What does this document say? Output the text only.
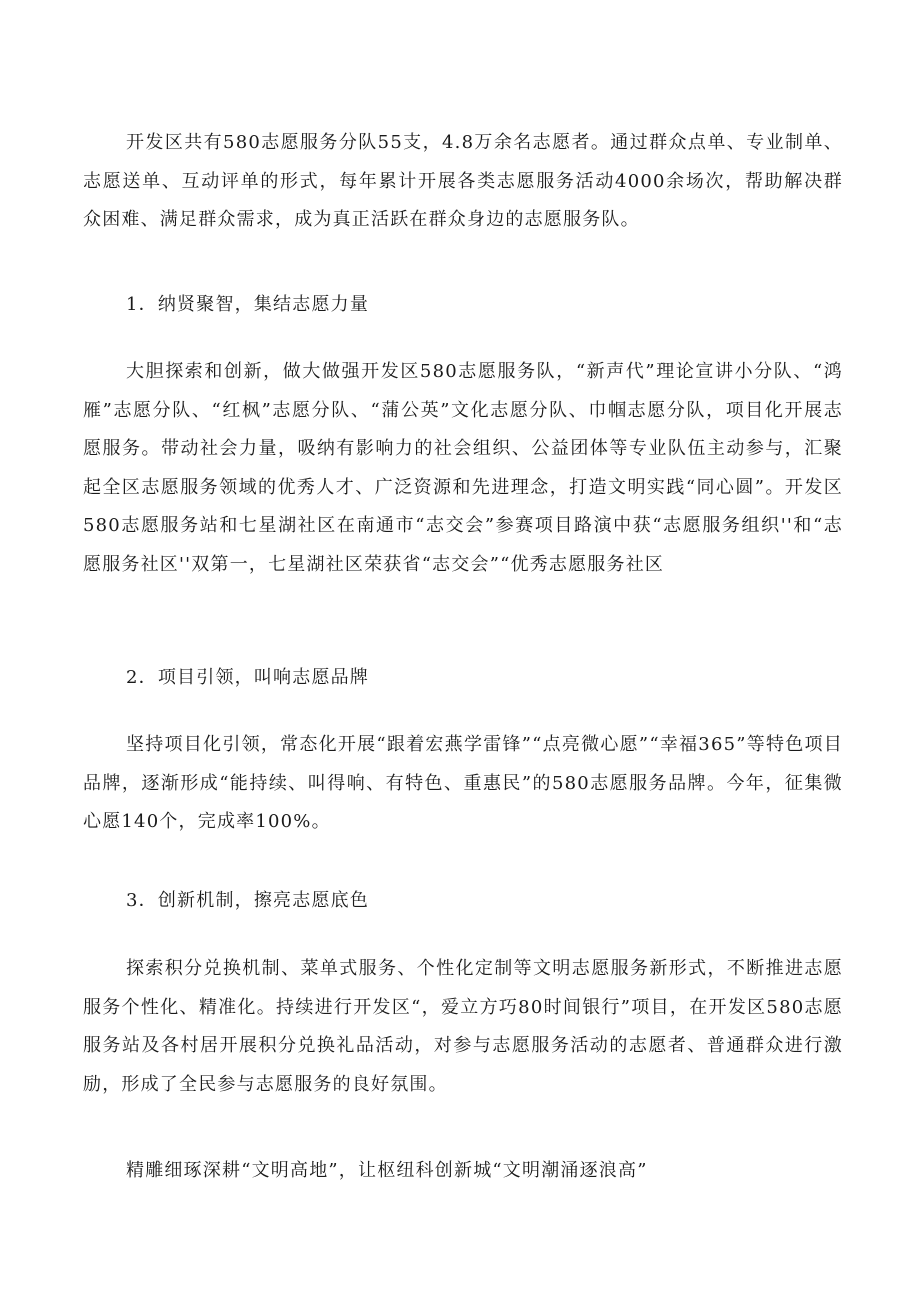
开发区共有580志愿服务分队55支，4.8万余名志愿者。通过群众点单、专业制单、志愿送单、互动评单的形式，每年累计开展各类志愿服务活动4000余场次，帮助解决群众困难、满足群众需求，成为真正活跃在群众身边的志愿服务队。

1．纳贤聚智，集结志愿力量

大胆探索和创新，做大做强开发区580志愿服务队，“新声代”理论宣讲小分队、“鸿雁”志愿分队、“红枫”志愿分队、“蒲公英”文化志愿分队、巾帼志愿分队，项目化开展志愿服务。带动社会力量，吸纳有影响力的社会组织、公益团体等专业队伍主动参与，汇聚起全区志愿服务领域的优秀人才、广泛资源和先进理念，打造文明实践“同心圆”。开发区580志愿服务站和七星湖社区在南通市“志交会”参赛项目路演中获“志愿服务组织''和“志愿服务社区''双第一，七星湖社区荣获省“志交会”“优秀志愿服务社区

2．项目引领，叫响志愿品牌

坚持项目化引领，常态化开展“跟着宏燕学雷锋”“点亮微心愿”“幸福365”等特色项目品牌，逐渐形成“能持续、叫得响、有特色、重惠民”的580志愿服务品牌。今年，征集微心愿140个，完成率100%。

3．创新机制，擦亮志愿底色

探索积分兑换机制、菜单式服务、个性化定制等文明志愿服务新形式，不断推进志愿服务个性化、精准化。持续进行开发区“，爱立方巧80时间银行”项目，在开发区580志愿服务站及各村居开展积分兑换礼品活动，对参与志愿服务活动的志愿者、普通群众进行激励，形成了全民参与志愿服务的良好氛围。

精雕细琢深耕“文明高地”，让枢纽科创新城“文明潮涌逐浪高”
